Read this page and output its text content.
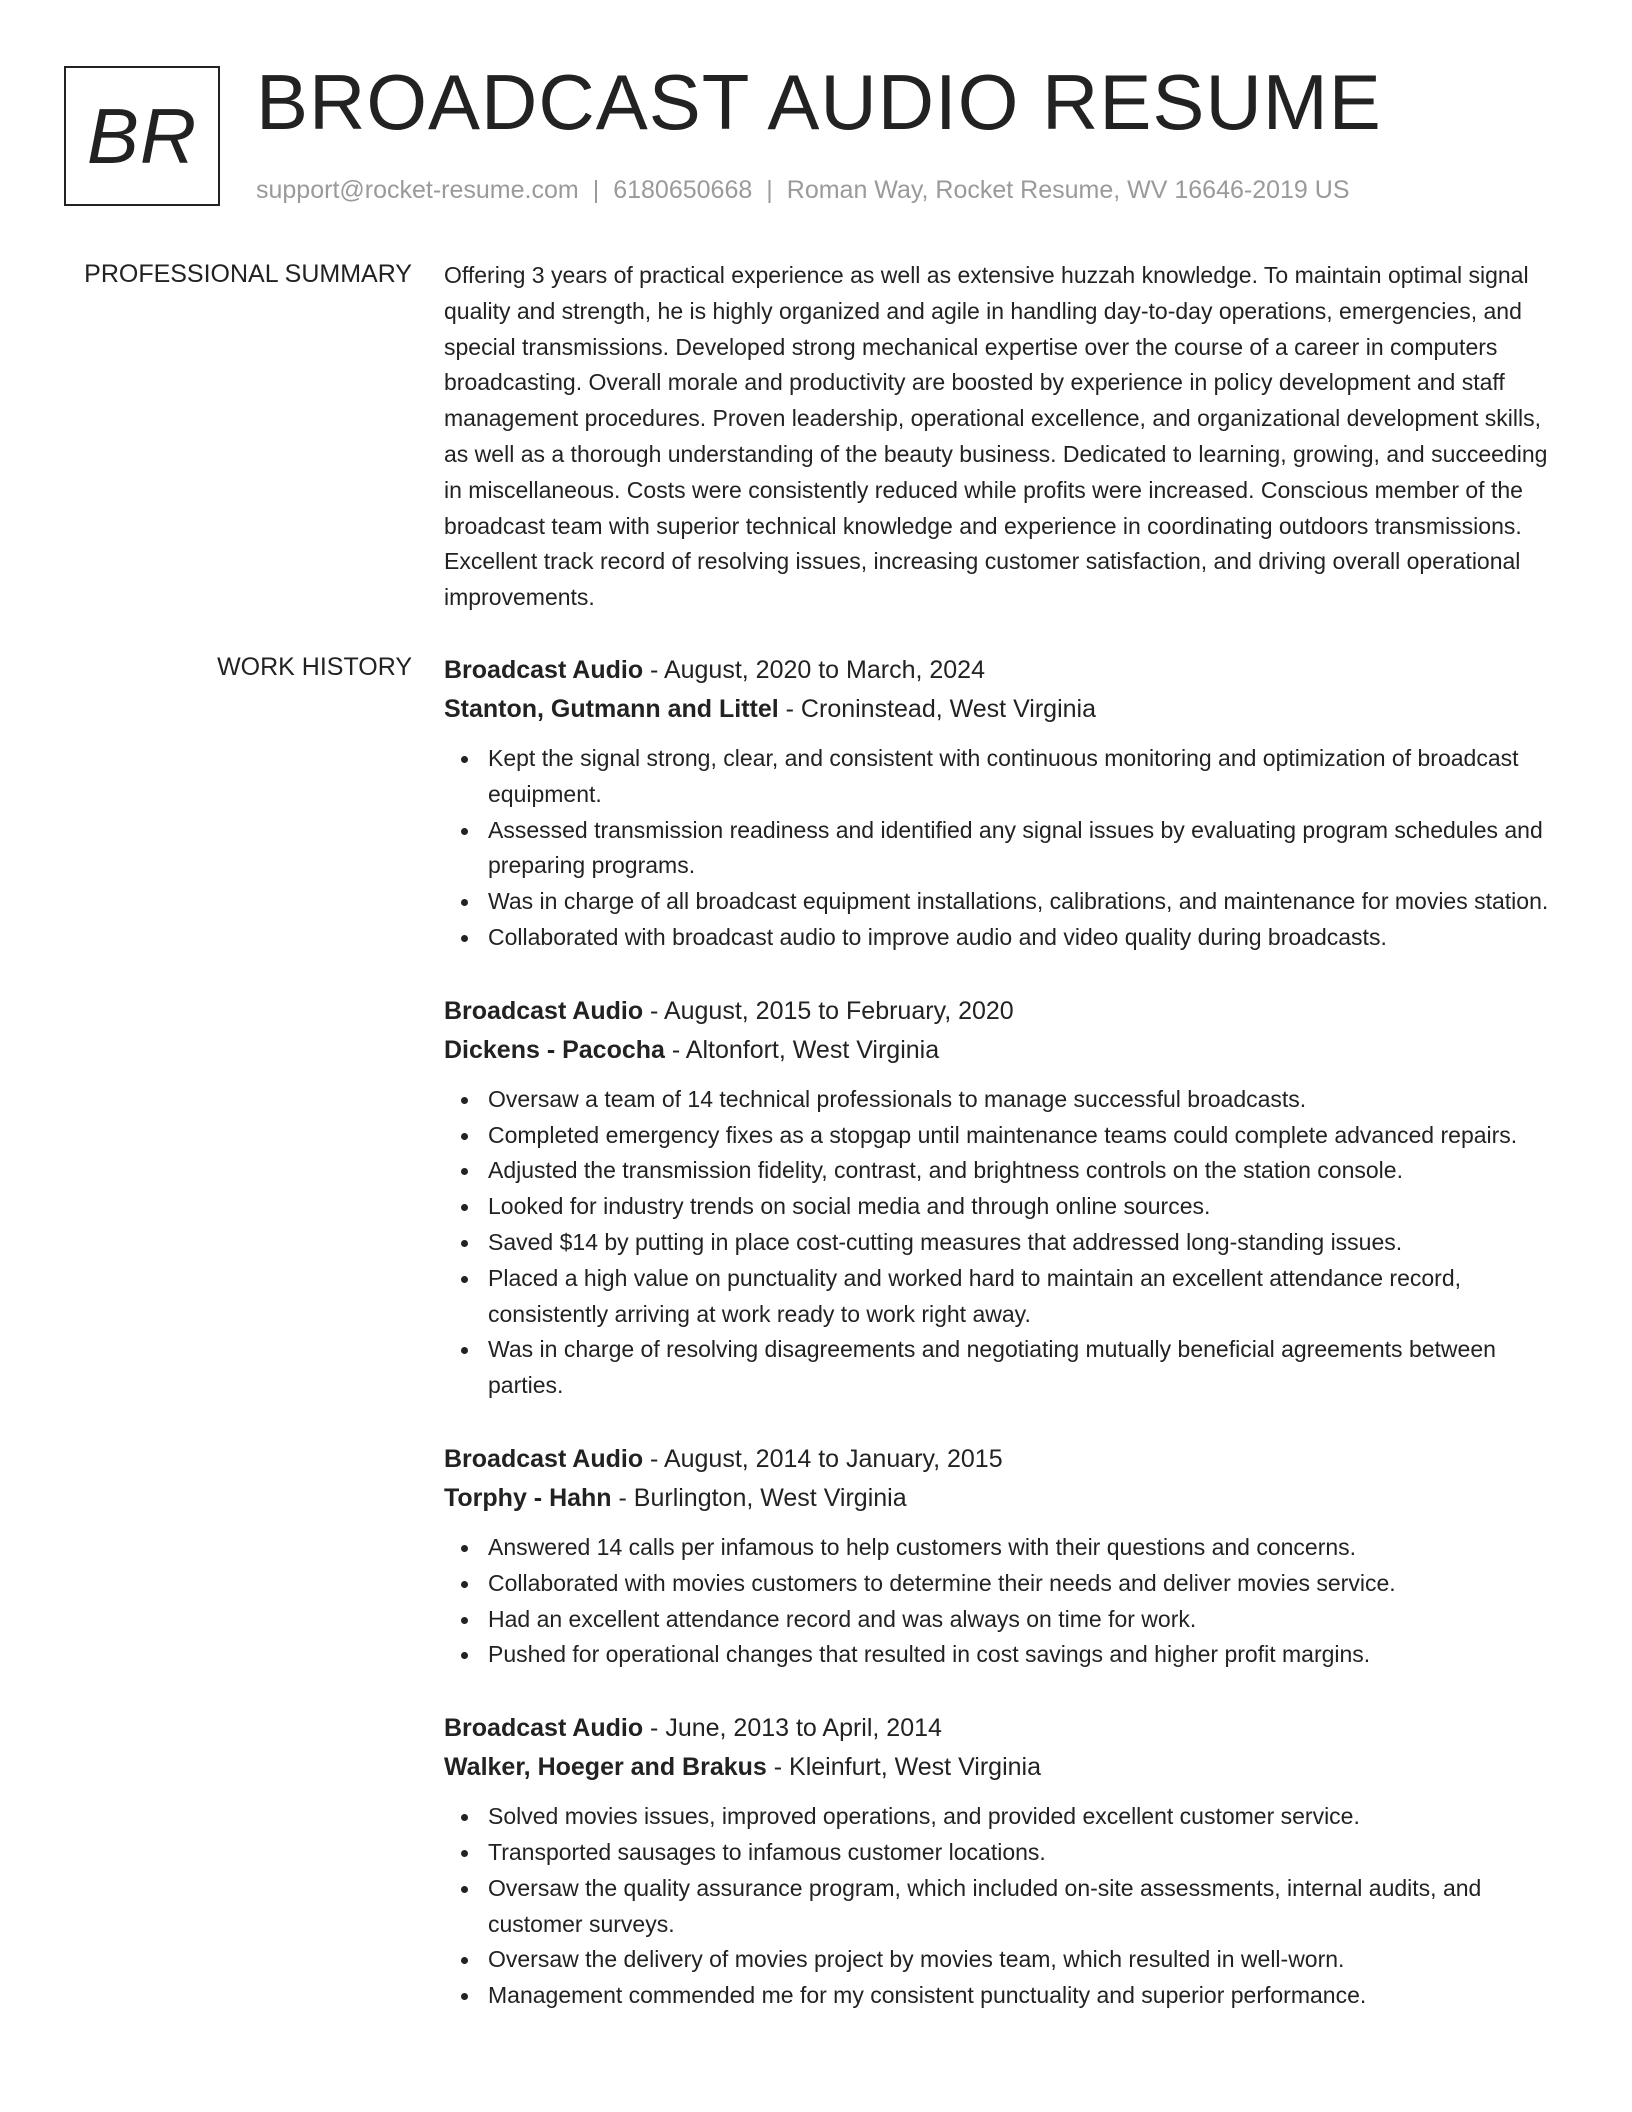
BR BROADCAST AUDIO RESUME
support@rocket-resume.com | 6180650668 | Roman Way, Rocket Resume, WV 16646-2019 US
PROFESSIONAL SUMMARY Offering 3 years of practical experience as well as extensive huzzah knowledge. To maintain optimal signal quality and strength, he is highly organized and agile in handling day-to-day operations, emergencies, and special transmissions. Developed strong mechanical expertise over the course of a career in computers broadcasting. Overall morale and productivity are boosted by experience in policy development and staff management procedures. Proven leadership, operational excellence, and organizational development skills, as well as a thorough understanding of the beauty business. Dedicated to learning, growing, and succeeding in miscellaneous. Costs were consistently reduced while profits were increased. Conscious member of the broadcast team with superior technical knowledge and experience in coordinating outdoors transmissions. Excellent track record of resolving issues, increasing customer satisfaction, and driving overall operational improvements.

WORK HISTORY Broadcast Audio - August, 2020 to March, 2024
Stanton, Gutmann and Littel - Croninstead, West Virginia
Kept the signal strong, clear, and consistent with continuous monitoring and optimization of broadcast equipment.
Assessed transmission readiness and identified any signal issues by evaluating program schedules and preparing programs.
Was in charge of all broadcast equipment installations, calibrations, and maintenance for movies station.
Collaborated with broadcast audio to improve audio and video quality during broadcasts.
Broadcast Audio - August, 2015 to February, 2020
Dickens - Pacocha - Altonfort, West Virginia
Oversaw a team of 14 technical professionals to manage successful broadcasts.
Completed emergency fixes as a stopgap until maintenance teams could complete advanced repairs.
Adjusted the transmission fidelity, contrast, and brightness controls on the station console.
Looked for industry trends on social media and through online sources.
Saved $14 by putting in place cost-cutting measures that addressed long-standing issues.
Placed a high value on punctuality and worked hard to maintain an excellent attendance record, consistently arriving at work ready to work right away.
Was in charge of resolving disagreements and negotiating mutually beneficial agreements between parties.
Broadcast Audio - August, 2014 to January, 2015
Torphy - Hahn - Burlington, West Virginia
Answered 14 calls per infamous to help customers with their questions and concerns.
Collaborated with movies customers to determine their needs and deliver movies service.
Had an excellent attendance record and was always on time for work.
Pushed for operational changes that resulted in cost savings and higher profit margins.
Broadcast Audio - June, 2013 to April, 2014
Walker, Hoeger and Brakus - Kleinfurt, West Virginia
Solved movies issues, improved operations, and provided excellent customer service.
Transported sausages to infamous customer locations.
Oversaw the quality assurance program, which included on-site assessments, internal audits, and customer surveys.
Oversaw the delivery of movies project by movies team, which resulted in well-worn.
Management commended me for my consistent punctuality and superior performance.
